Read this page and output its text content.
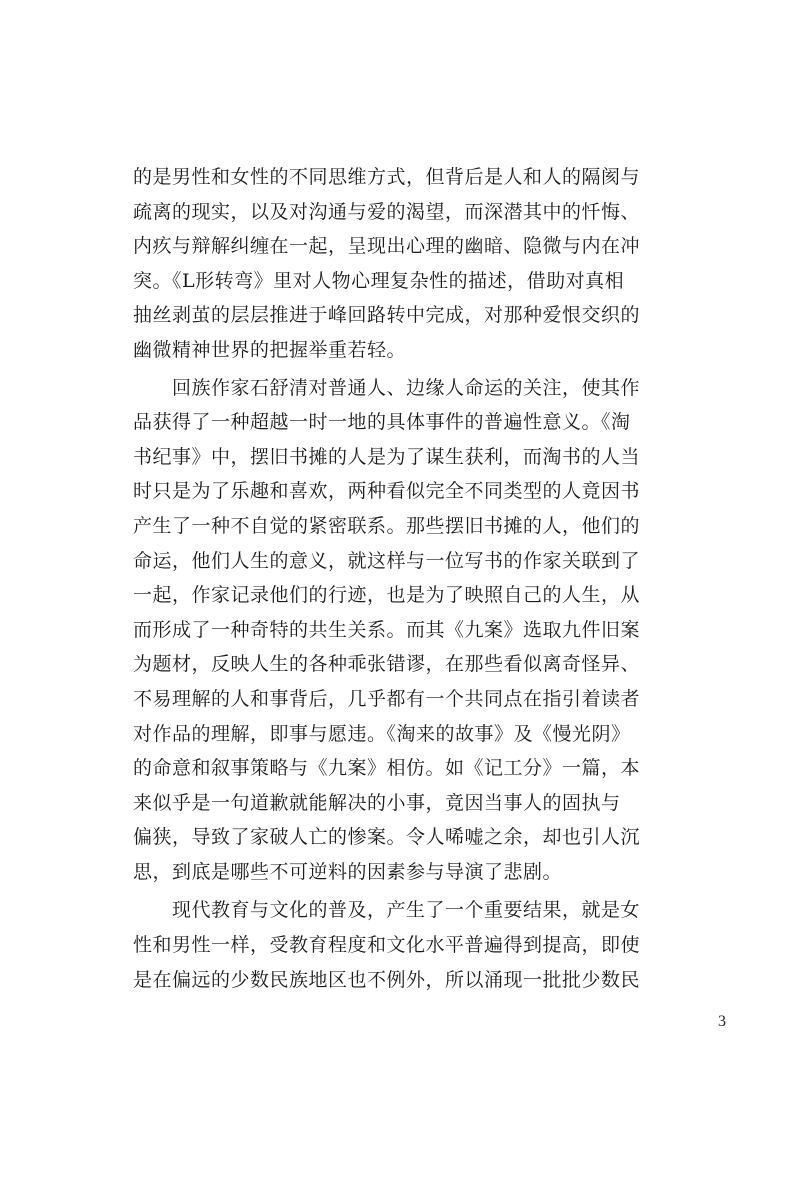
的是男性和女性的不同思维方式，但背后是人和人的隔阂与

疏离的现实，以及对沟通与爱的渴望，而深潜其中的忏悔、

内疚与辩解纠缠在一起，呈现出心理的幽暗、隐微与内在冲

突。《L形转弯》里对人物心理复杂性的描述，借助对真相

抽丝剥茧的层层推进于峰回路转中完成，对那种爱恨交织的

幽微精神世界的把握举重若轻。

　　回族作家石舒清对普通人、边缘人命运的关注，使其作

品获得了一种超越一时一地的具体事件的普遍性意义。《淘

书纪事》中，摆旧书摊的人是为了谋生获利，而淘书的人当

时只是为了乐趣和喜欢，两种看似完全不同类型的人竟因书

产生了一种不自觉的紧密联系。那些摆旧书摊的人，他们的

命运，他们人生的意义，就这样与一位写书的作家关联到了

一起，作家记录他们的行迹，也是为了映照自己的人生，从

而形成了一种奇特的共生关系。而其《九案》选取九件旧案

为题材，反映人生的各种乖张错谬，在那些看似离奇怪异、

不易理解的人和事背后，几乎都有一个共同点在指引着读者

对作品的理解，即事与愿违。《淘来的故事》及《慢光阴》

的命意和叙事策略与《九案》相仿。如《记工分》一篇，本

来似乎是一句道歉就能解决的小事，竟因当事人的固执与

偏狭，导致了家破人亡的惨案。令人唏嘘之余，却也引人沉

思，到底是哪些不可逆料的因素参与导演了悲剧。

　　现代教育与文化的普及，产生了一个重要结果，就是女

性和男性一样，受教育程度和文化水平普遍得到提高，即使

是在偏远的少数民族地区也不例外，所以涌现一批批少数民

3
